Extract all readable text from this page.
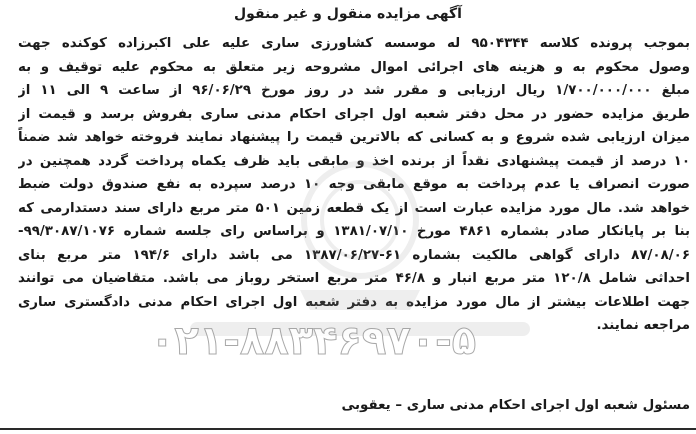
آگهی مزایده منقول و غیر منقول
بموجب پرونده کلاسه ۹۵۰۴۳۴۴ له موسسه کشاورزی ساری علیه علی اکبرزاده کوکنده جهت
وصول محکوم به و هزینه های اجرائی اموال مشروحه زیر متعلق به محکوم علیه توقیف و به
مبلغ ۱/۷۰۰/۰۰۰/۰۰۰ ریال ارزیابی و مقرر شد در روز مورخ ۹۶/۰۶/۲۹ از ساعت ۹ الی ۱۱ از
طریق مزایده حضور در محل دفتر شعبه اول اجرای احکام مدنی ساری بفروش برسد و قیمت از
میزان ارزیابی شده شروع و به کسانی که بالاترین قیمت را پیشنهاد نمایند فروخته خواهد شد ضمناً
۱۰ درصد از قیمت پیشنهادی نقداً از برنده اخذ و مابقی باید ظرف یکماه پرداخت گردد همچنین در
صورت انصراف یا عدم پرداخت به موقع مابقی وجه ۱۰ درصد سپرده به نفع صندوق دولت ضبط
خواهد شد. مال مورد مزایده عبارت است از یک قطعه زمین ۵۰۱ متر مربع دارای سند دستدارمی که
بنا بر پایانکار صادر بشماره ۴۸۶۱ مورخ ۱۳۸۱/۰۷/۱۰ و براساس رای جلسه شماره ۹۹/۳۰۸۷/۱۰۷۶-
۸۷/۰۸/۰۶ دارای گواهی مالکیت بشماره ۶۱-۱۳۸۷/۰۶/۲۷ می باشد دارای ۱۹۴/۶ متر مربع بنای
احداثی شامل ۱۲۰/۸ متر مربع انبار و ۴۶/۸ متر مربع استخر روباز می باشد. متقاضیان می توانند
جهت اطلاعات بیشتر از مال مورد مزایده به دفتر شعبه اول اجرای احکام مدنی دادگستری ساری
مراجعه نمایند.
مسئول شعبه اول اجرای احکام مدنی ساری – یعقوبی
۰۲۱-۸۸۳۴۶۹۷۰-۵
